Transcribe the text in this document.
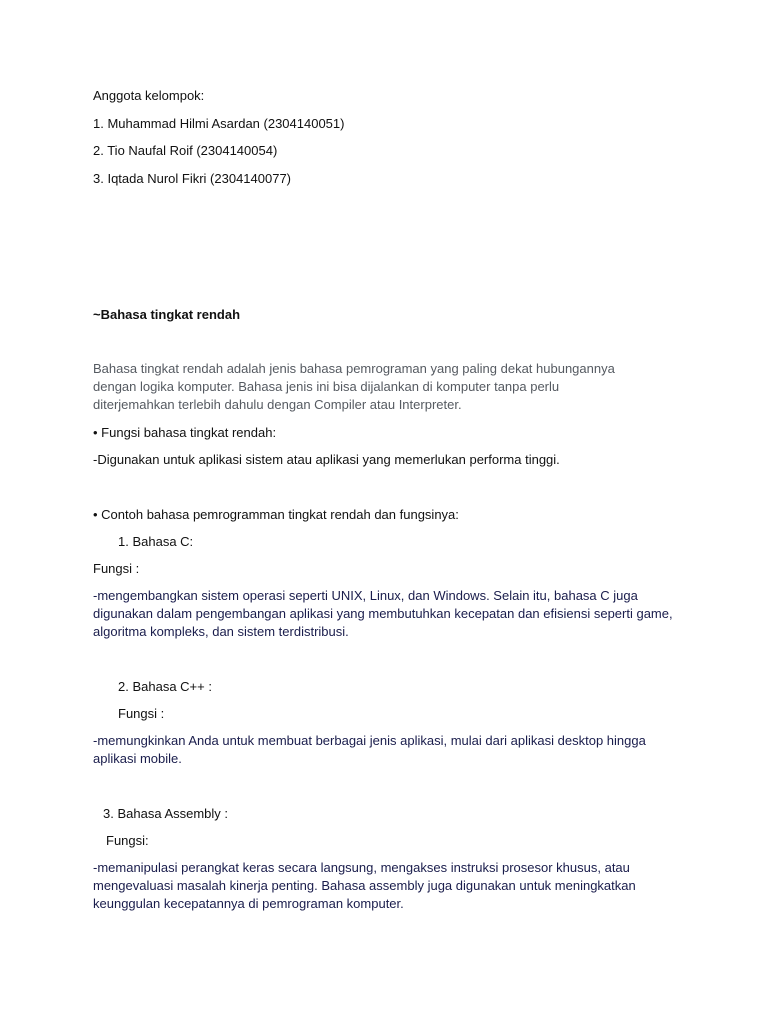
Anggota kelompok:

1. Muhammad Hilmi Asardan (2304140051)

2. Tio Naufal Roif (2304140054)

3. Iqtada Nurol Fikri (2304140077)

~Bahasa tingkat rendah

Bahasa tingkat rendah adalah jenis bahasa pemrograman yang paling dekat hubungannya

dengan logika komputer. Bahasa jenis ini bisa dijalankan di komputer tanpa perlu

diterjemahkan terlebih dahulu dengan Compiler atau Interpreter.

• Fungsi bahasa tingkat rendah:

-Digunakan untuk aplikasi sistem atau aplikasi yang memerlukan performa tinggi.

• Contoh bahasa pemrogramman tingkat rendah dan fungsinya:

1. Bahasa C:

Fungsi :

-mengembangkan sistem operasi seperti UNIX, Linux, dan Windows. Selain itu, bahasa C juga

digunakan dalam pengembangan aplikasi yang membutuhkan kecepatan dan efisiensi seperti game,

algoritma kompleks, dan sistem terdistribusi.

2. Bahasa C++ :

Fungsi :

-memungkinkan Anda untuk membuat berbagai jenis aplikasi, mulai dari aplikasi desktop hingga

aplikasi mobile.

3. Bahasa Assembly :

Fungsi:

-memanipulasi perangkat keras secara langsung, mengakses instruksi prosesor khusus, atau

mengevaluasi masalah kinerja penting. Bahasa assembly juga digunakan untuk meningkatkan

keunggulan kecepatannya di pemrograman komputer.
